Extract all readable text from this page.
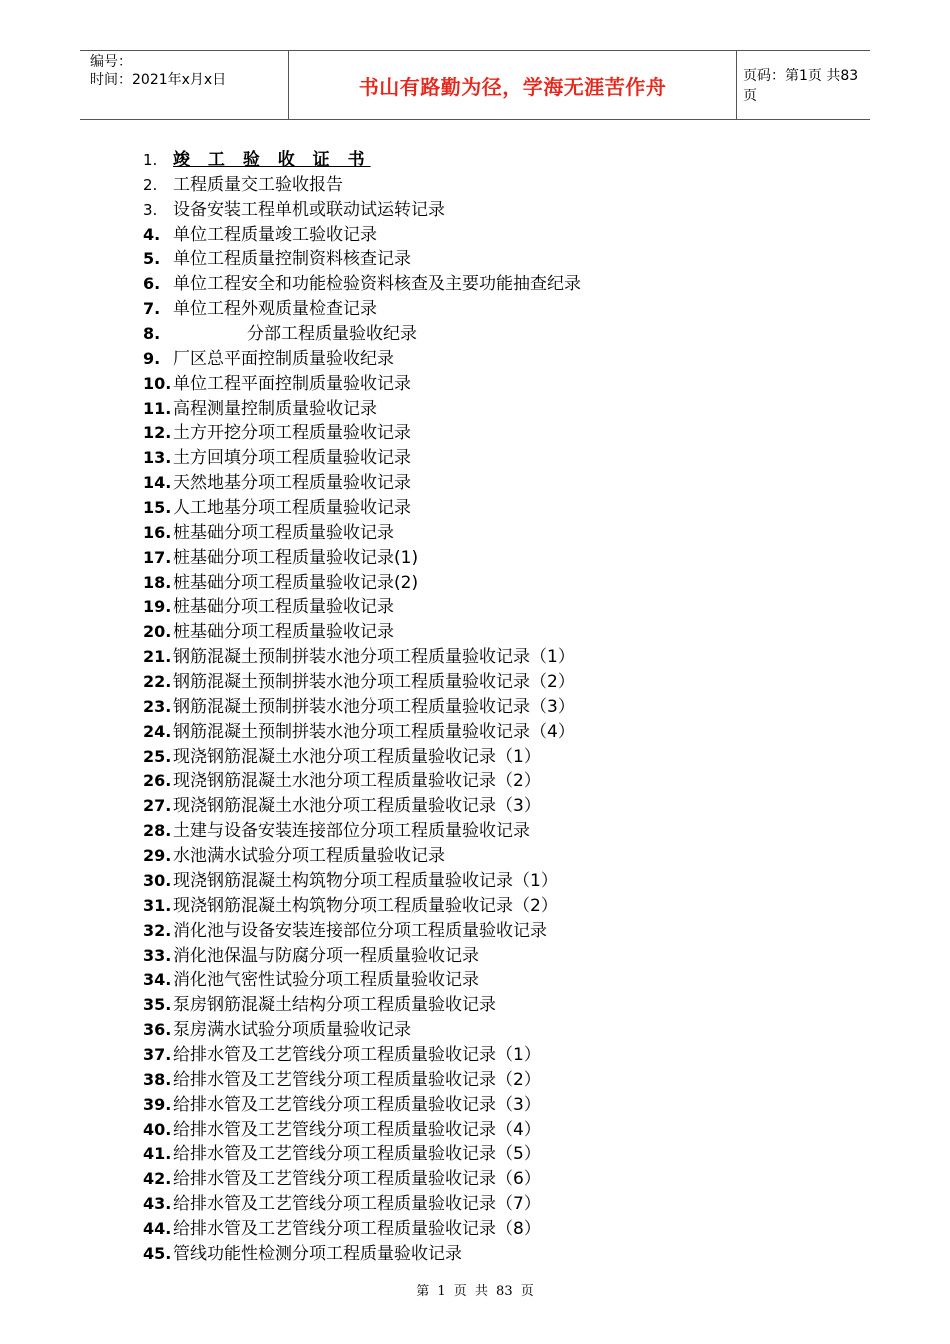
编号：
时间：2021年x月x日	书山有路勤为径，学海无涯苦作舟	页码：第1页 共83页
1. 竣 工 验 收 证 书
2. 工程质量交工验收报告
3. 设备安装工程单机或联动试运转记录
4. 单位工程质量竣工验收记录
5. 单位工程质量控制资料核查记录
6. 单位工程安全和功能检验资料核查及主要功能抽查纪录
7. 单位工程外观质量检查记录
8.	分部工程质量验收纪录
9. 厂区总平面控制质量验收纪录
10. 单位工程平面控制质量验收记录
11. 高程测量控制质量验收记录
12. 土方开挖分项工程质量验收记录
13. 土方回填分项工程质量验收记录
14. 天然地基分项工程质量验收记录
15. 人工地基分项工程质量验收记录
16. 桩基础分项工程质量验收记录
17. 桩基础分项工程质量验收记录(1)
18. 桩基础分项工程质量验收记录(2)
19. 桩基础分项工程质量验收记录
20. 桩基础分项工程质量验收记录
21. 钢筋混凝土预制拼装水池分项工程质量验收记录（1）
22. 钢筋混凝土预制拼装水池分项工程质量验收记录（2）
23. 钢筋混凝土预制拼装水池分项工程质量验收记录（3）
24. 钢筋混凝土预制拼装水池分项工程质量验收记录（4）
25. 现浇钢筋混凝土水池分项工程质量验收记录（1）
26. 现浇钢筋混凝土水池分项工程质量验收记录（2）
27. 现浇钢筋混凝土水池分项工程质量验收记录（3）
28. 土建与设备安装连接部位分项工程质量验收记录
29. 水池满水试验分项工程质量验收记录
30. 现浇钢筋混凝土构筑物分项工程质量验收记录（1）
31. 现浇钢筋混凝土构筑物分项工程质量验收记录（2）
32. 消化池与设备安装连接部位分项工程质量验收记录
33. 消化池保温与防腐分项一程质量验收记录
34. 消化池气密性试验分项工程质量验收记录
35. 泵房钢筋混凝土结构分项工程质量验收记录
36. 泵房满水试验分项质量验收记录
37. 给排水管及工艺管线分项工程质量验收记录（1）
38. 给排水管及工艺管线分项工程质量验收记录（2）
39. 给排水管及工艺管线分项工程质量验收记录（3）
40. 给排水管及工艺管线分项工程质量验收记录（4）
41. 给排水管及工艺管线分项工程质量验收记录（5）
42. 给排水管及工艺管线分项工程质量验收记录（6）
43. 给排水管及工艺管线分项工程质量验收记录（7）
44. 给排水管及工艺管线分项工程质量验收记录（8）
45. 管线功能性检测分项工程质量验收记录
第 1 页 共 83 页
